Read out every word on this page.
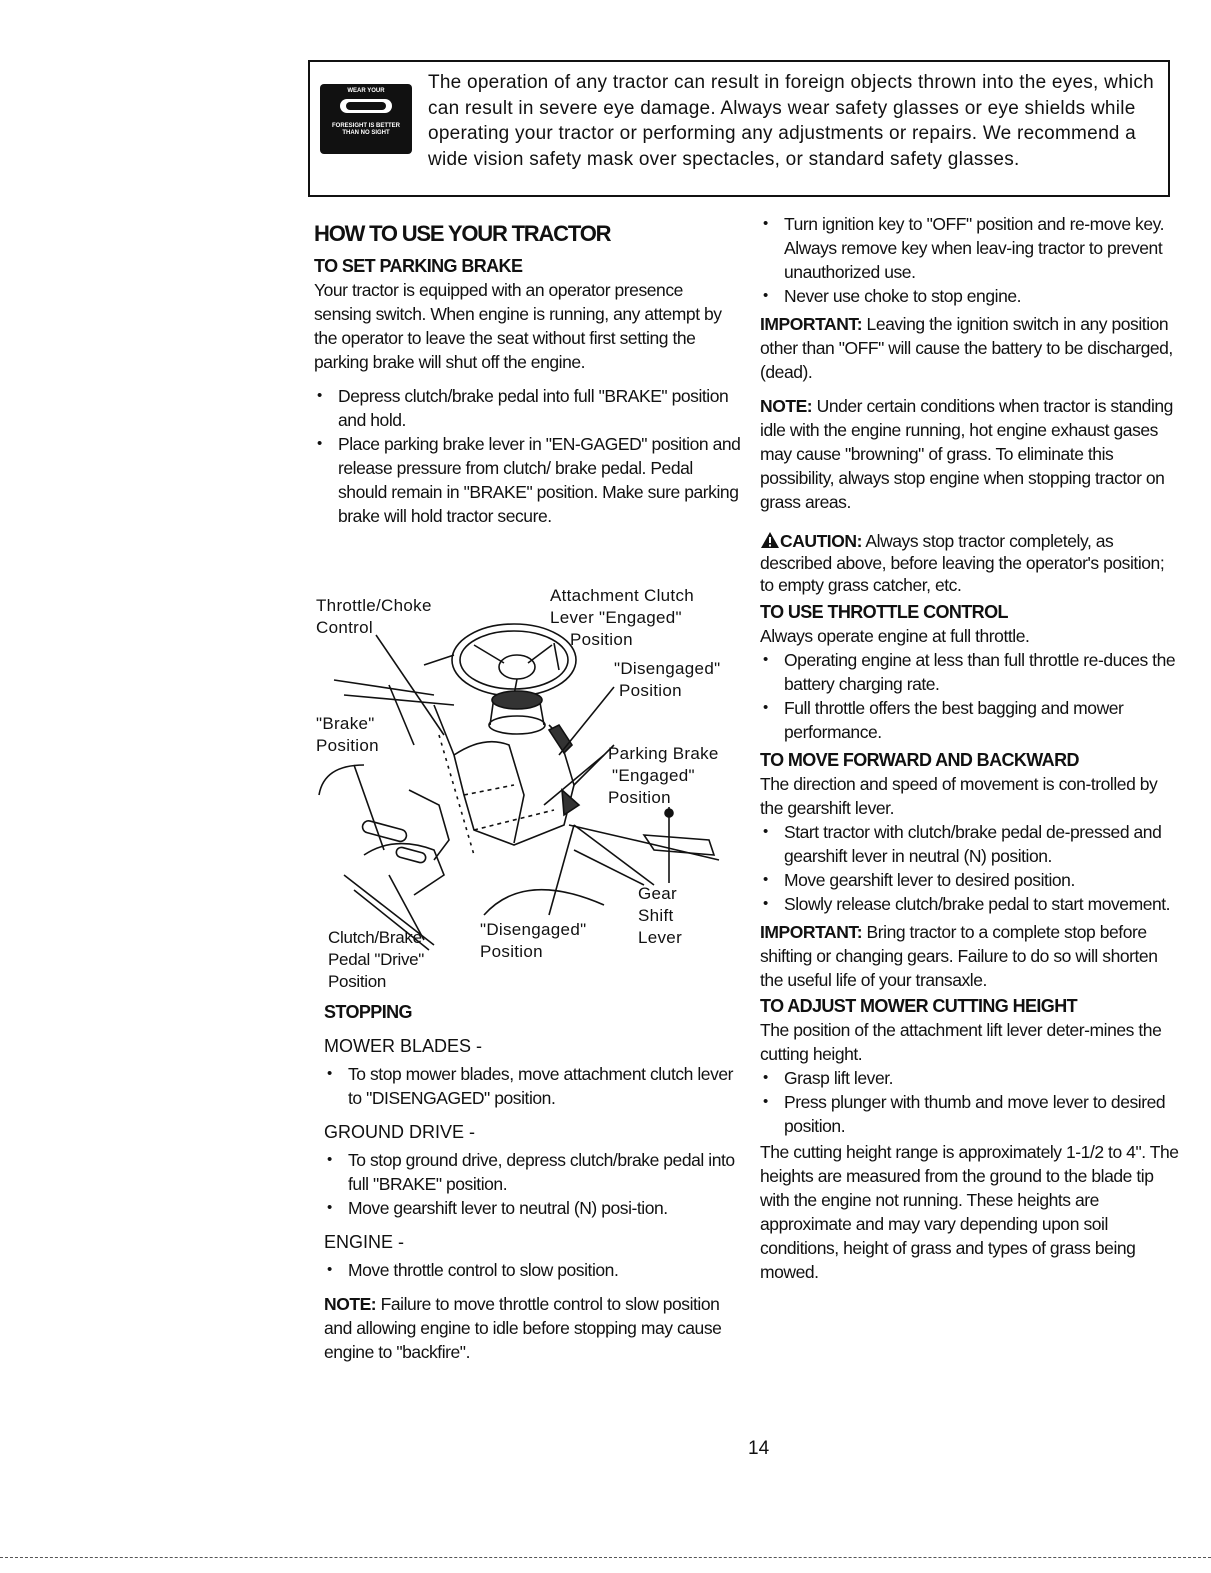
WEAR YOUR
FORESIGHT IS BETTER
THAN NO SIGHT
The operation of any tractor can result in foreign objects thrown into the eyes, which can result in severe eye damage. Always wear safety glasses or eye shields while operating your tractor or performing any adjustments or repairs. We recommend a wide vision safety mask over spectacles, or standard safety glasses.
HOW TO USE YOUR TRACTOR
TO SET PARKING BRAKE

Your tractor is equipped with an operator presence sensing switch. When engine is running, any attempt by the operator to leave the seat without first setting the parking brake will shut off the engine.

• Depress clutch/brake pedal into full "BRAKE" position and hold.
• Place parking brake lever in "EN-GAGED" position and release pressure from clutch/ brake pedal. Pedal should remain in "BRAKE" position. Make sure parking brake will hold tractor secure.
Throttle/Choke
Control
Attachment Clutch
Lever "Engaged"
Position
"Disengaged"
Position
"Brake"
Position	Parking Brake
"Engaged"
Position
Gear
Shift
Lever
Clutch/Brake
Pedal "Drive"
Position
"Disengaged"
Position
STOPPING
MOWER BLADES -
• To stop mower blades, move attachment clutch lever to "DISENGAGED" position.
GROUND DRIVE -
• To stop ground drive, depress clutch/brake pedal into full "BRAKE" position.
• Move gearshift lever to neutral (N) posi-tion.
ENGINE -
• Move throttle control to slow position.

NOTE: Failure to move throttle control to slow position and allowing engine to idle before stopping may cause engine to "backfire".

• Turn ignition key to "OFF" position and re-move key. Always remove key when leav-ing tractor to prevent unauthorized use.
• Never use choke to stop engine.

IMPORTANT: Leaving the ignition switch in any position other than "OFF" will cause the battery to be discharged, (dead).

NOTE: Under certain conditions when tractor is standing idle with the engine running, hot engine exhaust gases may cause "browning" of grass. To eliminate this possibility, always stop engine when stopping tractor on grass areas.

CAUTION: Always stop tractor completely, as described above, before leaving the operator's position; to empty grass catcher, etc.

TO USE THROTTLE CONTROL
Always operate engine at full throttle.
• Operating engine at less than full throttle re-duces the battery charging rate.
• Full throttle offers the best bagging and mower performance.
TO MOVE FORWARD AND BACKWARD
The direction and speed of movement is con-trolled by the gearshift lever.
• Start tractor with clutch/brake pedal de-pressed and gearshift lever in neutral (N) position.
• Move gearshift lever to desired position.
• Slowly release clutch/brake pedal to start movement.

IMPORTANT: Bring tractor to a complete stop before shifting or changing gears. Failure to do so will shorten the useful life of your transaxle.

TO ADJUST MOWER CUTTING HEIGHT
The position of the attachment lift lever deter-mines the cutting height.
• Grasp lift lever.
• Press plunger with thumb and move lever to desired position.
The cutting height range is approximately 1-1/2 to 4". The heights are measured from the ground to the blade tip with the engine not running. These heights are approximate and may vary depending upon soil conditions, height of grass and types of grass being mowed.
14
